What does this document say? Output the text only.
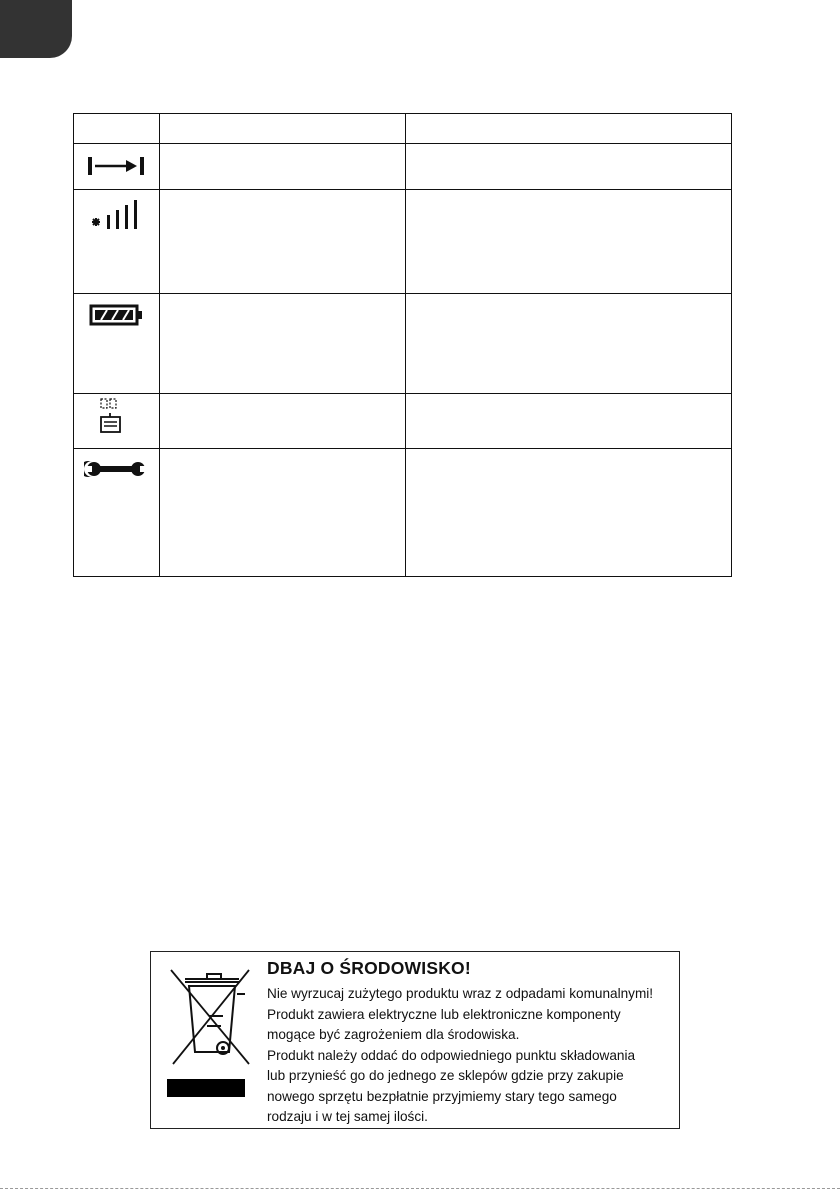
DBAJ O ŚRODOWISKO!
Nie wyrzucaj zużytego produktu wraz z odpadami komunalnymi!
Produkt zawiera elektryczne lub elektroniczne komponenty
mogące być zagrożeniem dla środowiska.
Produkt należy oddać do odpowiedniego punktu składowania
lub przynieść go do jednego ze sklepów gdzie przy zakupie
nowego sprzętu bezpłatnie przyjmiemy stary tego samego
rodzaju i w tej samej ilości.
